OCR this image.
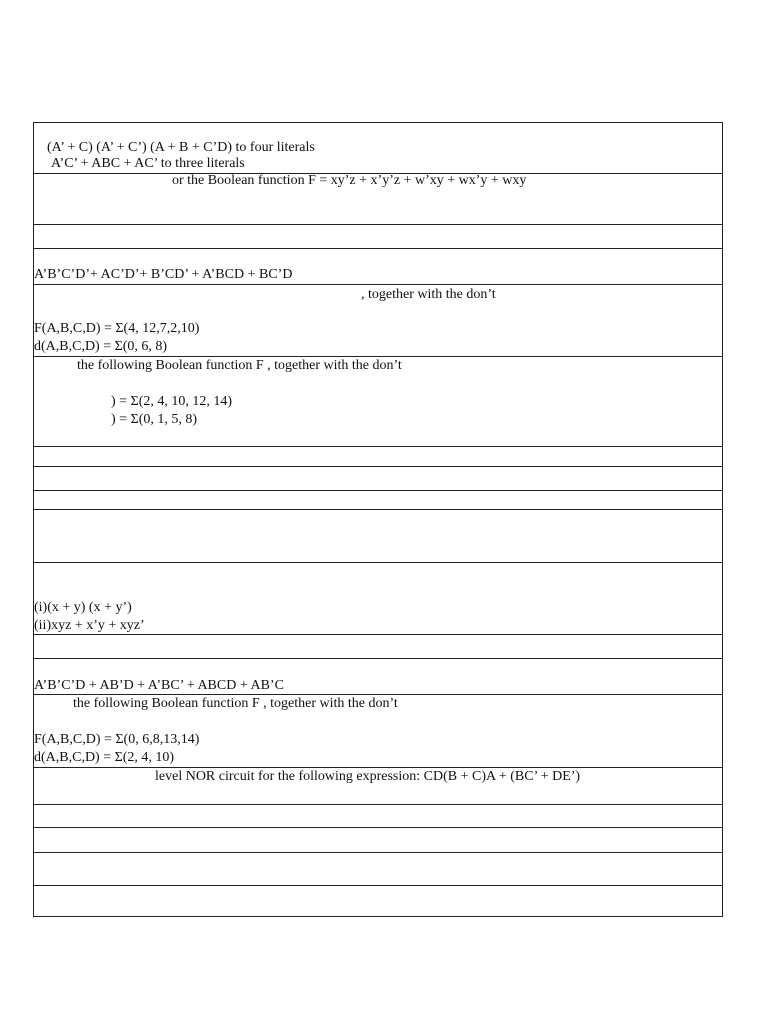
(A’ + C) (A’ + C’) (A + B + C’D) to four literals
A’C’ + ABC + AC’ to three literals
or the Boolean function F = xy’z + x’y’z + w’xy + wx’y + wxy
A’B’C’D’+ AC’D’+ B’CD’ + A’BCD + BC’D
, together with the don’t
F(A,B,C,D) = Σ(4, 12,7,2,10)
d(A,B,C,D) = Σ(0, 6, 8)
the following Boolean function F , together with the don’t
) = Σ(2, 4, 10, 12, 14)
) = Σ(0, 1, 5, 8)
(i)(x + y) (x + y’)
(ii)xyz + x’y + xyz’
A’B’C’D + AB’D + A’BC’ + ABCD + AB’C
the following Boolean function F , together with the don’t
F(A,B,C,D) = Σ(0, 6,8,13,14)
d(A,B,C,D) = Σ(2, 4, 10)
level NOR circuit for the following expression: CD(B + C)A + (BC’ + DE’)
